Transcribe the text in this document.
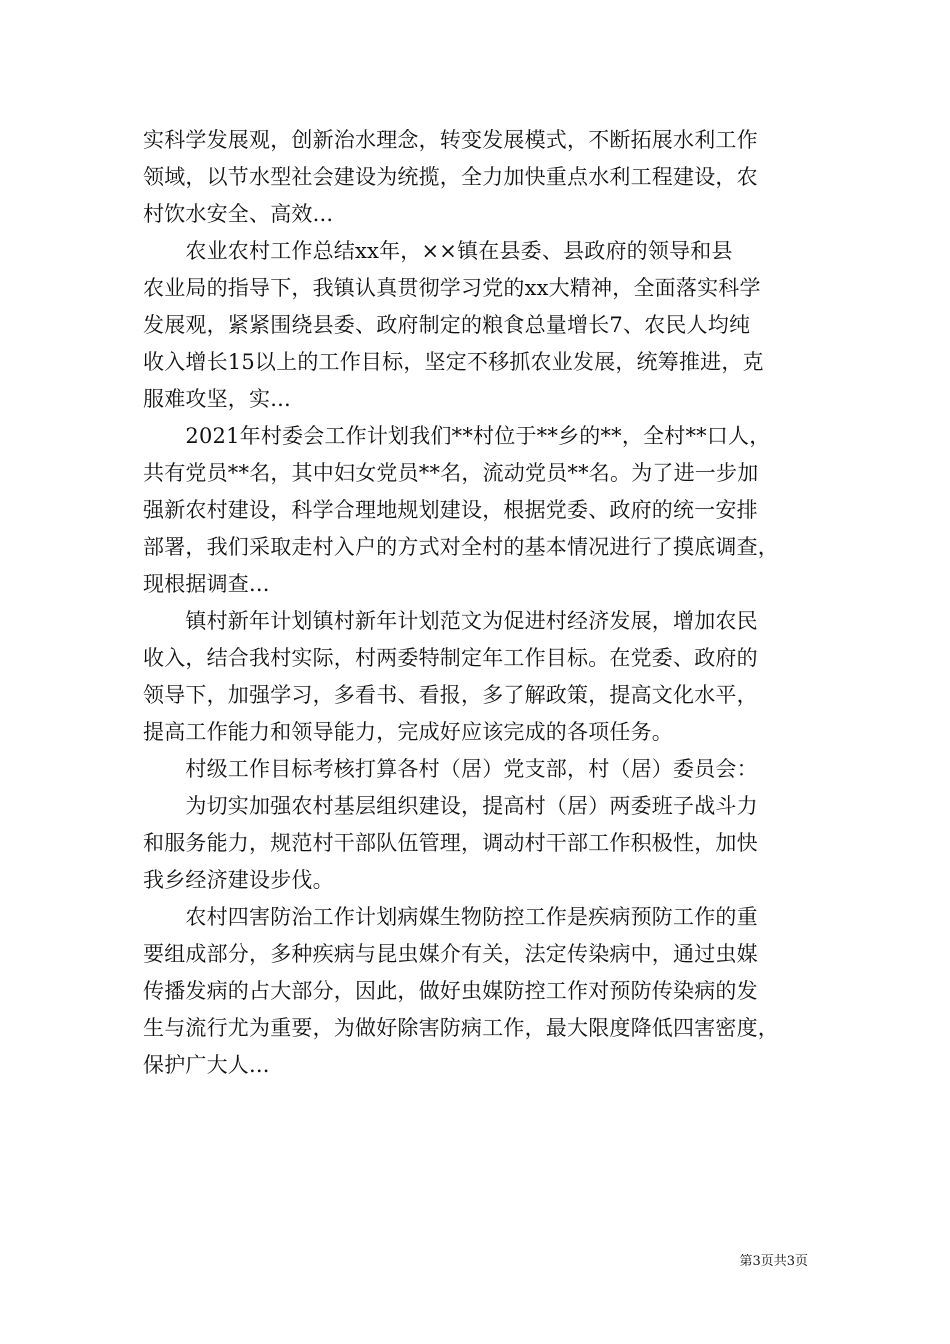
实科学发展观，创新治水理念，转变发展模式，不断拓展水利工作
领域，以节水型社会建设为统揽，全力加快重点水利工程建设，农
村饮水安全、高效...
　　农业农村工作总结xx年，××镇在县委、县政府的领导和县
农业局的指导下，我镇认真贯彻学习党的xx大精神，全面落实科学
发展观，紧紧围绕县委、政府制定的粮食总量增长7、农民人均纯
收入增长15以上的工作目标，坚定不移抓农业发展，统筹推进，克
服难攻坚，实...
　　2021年村委会工作计划我们**村位于**乡的**，全村**口人，
共有党员**名，其中妇女党员**名，流动党员**名。为了进一步加
强新农村建设，科学合理地规划建设，根据党委、政府的统一安排
部署，我们采取走村入户的方式对全村的基本情况进行了摸底调查，
现根据调查...
　　镇村新年计划镇村新年计划范文为促进村经济发展，增加农民
收入，结合我村实际，村两委特制定年工作目标。在党委、政府的
领导下，加强学习，多看书、看报，多了解政策，提高文化水平，
提高工作能力和领导能力，完成好应该完成的各项任务。
　　村级工作目标考核打算各村（居）党支部，村（居）委员会：
　　为切实加强农村基层组织建设，提高村（居）两委班子战斗力
和服务能力，规范村干部队伍管理，调动村干部工作积极性，加快
我乡经济建设步伐。
　　农村四害防治工作计划病媒生物防控工作是疾病预防工作的重
要组成部分，多种疾病与昆虫媒介有关，法定传染病中，通过虫媒
传播发病的占大部分，因此，做好虫媒防控工作对预防传染病的发
生与流行尤为重要，为做好除害防病工作，最大限度降低四害密度，
保护广大人...
第3页共3页
